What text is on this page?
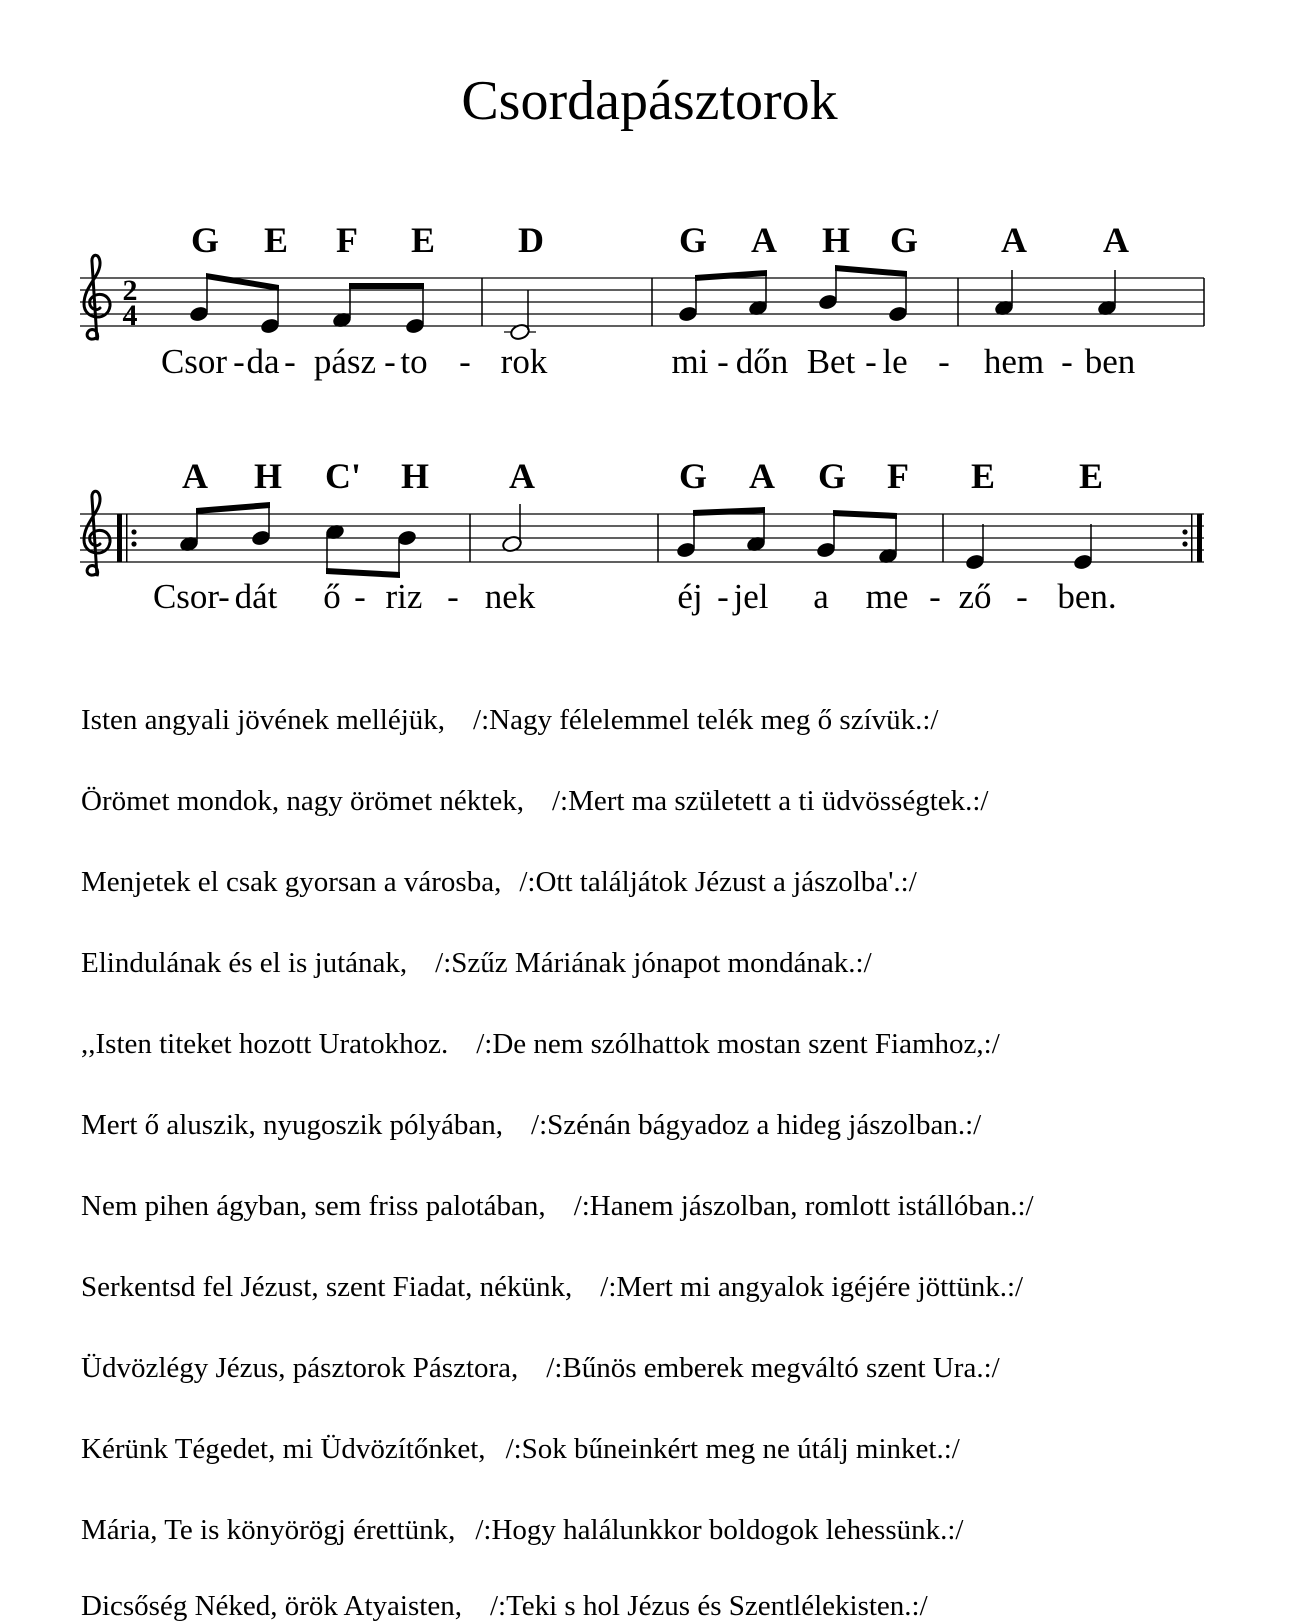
Csordapásztorok
G E F E D	G A H G A A
2
4
Csor - da - pász - to - rok	mi - dőn Bet - le - hem - ben
A H C' H A	G A G F E E
Csor - dát ő - riz - nek	éj - jel a me - ző - ben.
Isten angyali jövének melléjük, /:Nagy félelemmel telék meg ő szívük.:/
Örömet mondok, nagy örömet néktek, /:Mert ma született a ti üdvösségtek.:/
Menjetek el csak gyorsan a városba, /:Ott találjátok Jézust a jászolba'.:/
Elindulának és el is jutának, /:Szűz Máriának jónapot mondának.:/
,,Isten titeket hozott Uratokhoz. /:De nem szólhattok mostan szent Fiamhoz,:/
Mert ő aluszik, nyugoszik pólyában, /:Szénán bágyadoz a hideg jászolban.:/
Nem pihen ágyban, sem friss palotában, /:Hanem jászolban, romlott istállóban.:/
Serkentsd fel Jézust, szent Fiadat, nékünk, /:Mert mi angyalok igéjére jöttünk.:/
Üdvözlégy Jézus, pásztorok Pásztora, /:Bűnös emberek megváltó szent Ura.:/
Kérünk Tégedet, mi Üdvözítőnket, /:Sok bűneinkért meg ne útálj minket.:/
Mária, Te is könyörögj érettünk, /:Hogy halálunkkor boldogok lehessünk.:/
Dicsőség Néked, örök Atyaisten, /:Teki s hol Jézus és Szentlélekisten.:/
